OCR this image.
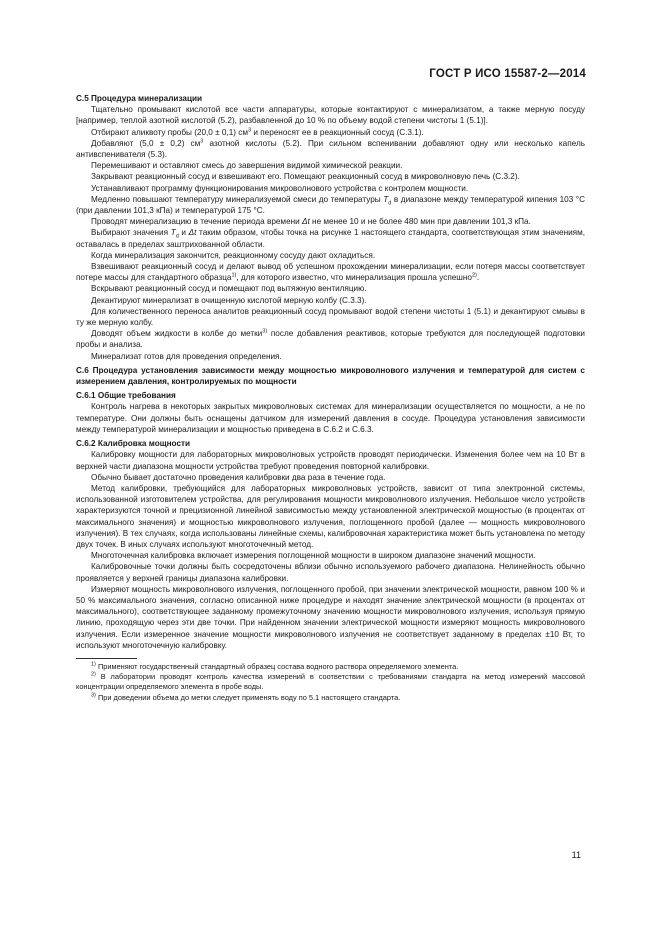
ГОСТ Р ИСО 15587-2—2014

С.5 Процедура минерализации

Тщательно промывают кислотой все части аппаратуры, которые контактируют с минерализатом, а также мерную посуду [например, теплой азотной кислотой (5.2), разбавленной до 10 % по объему водой степени чистоты 1 (5.1)].

Отбирают аликвоту пробы (20,0 ± 0,1) $см^3$ и переносят ее в реакционный сосуд (С.3.1).

Добавляют (5,0 ± 0,2) $см^3$ азотной кислоты (5.2). При сильном вспенивании добавляют одну или несколько капель антивспенивателя (5.3).

Перемешивают и оставляют смесь до завершения видимой химической реакции.

Закрывают реакционный сосуд и взвешивают его. Помещают реакционный сосуд в микроволновую печь (С.3.2).

Устанавливают программу функционирования микроволнового устройства с контролем мощности.

Медленно повышают температуру минерализуемой смеси до температуры $T_d$ в диапазоне между температурой кипения 103 °С (при давлении 101,3 кПа) и температурой 175 °С.

Проводят минерализацию в течение периода времени Δt не менее 10 и не более 480 мин при давлении 101,3 кПа.

Выбирают значения $T_d$ и Δt таким образом, чтобы точка на рисунке 1 настоящего стандарта, соответствующая этим значениям, оставалась в пределах заштрихованной области.

Когда минерализация закончится, реакционному сосуду дают охладиться.

Взвешивают реакционный сосуд и делают вывод об успешном прохождении минерализации, если потеря массы соответствует потере массы для стандартного образца$^{1)}$, для которого известно, что минерализация прошла успешно$^{2)}$.

Вскрывают реакционный сосуд и помещают под вытяжную вентиляцию.

Декантируют минерализат в очищенную кислотой мерную колбу (С.3.3).

Для количественного переноса аналитов реакционный сосуд промывают водой степени чистоты 1 (5.1) и декантируют смывы в ту же мерную колбу.

Доводят объем жидкости в колбе до метки$^{3)}$ после добавления реактивов, которые требуются для последующей подготовки пробы и анализа.

Минерализат готов для проведения определения.

С.6 Процедура установления зависимости между мощностью микроволнового излучения и температурой для систем с измерением давления, контролируемых по мощности

С.6.1 Общие требования

Контроль нагрева в некоторых закрытых микроволновых системах для минерализации осуществляется по мощности, а не по температуре. Они должны быть оснащены датчиком для измерений давления в сосуде. Процедура установления зависимости между температурой минерализации и мощностью приведена в С.6.2 и С.6.3.

С.6.2 Калибровка мощности

Калибровку мощности для лабораторных микроволновых устройств проводят периодически. Изменения более чем на 10 Вт в верхней части диапазона мощности устройства требуют проведения повторной калибровки.

Обычно бывает достаточно проведения калибровки два раза в течение года.

Метод калибровки, требующийся для лабораторных микроволновых устройств, зависит от типа электронной системы, использованной изготовителем устройства, для регулирования мощности микроволнового излучения. Небольшое число устройств характеризуются точной и прецизионной линейной зависимостью между установленной электрической мощностью (в процентах от максимального значения) и мощностью микроволнового излучения, поглощенного пробой (далее — мощность микроволнового излучения). В тех случаях, когда использованы линейные схемы, калибровочная характеристика может быть установлена по методу двух точек. В иных случаях используют многоточечный метод.

Многоточечная калибровка включает измерения поглощенной мощности в широком диапазоне значений мощности.

Калибровочные точки должны быть сосредоточены вблизи обычно используемого рабочего диапазона. Нелинейность обычно проявляется у верхней границы диапазона калибровки.

Измеряют мощность микроволнового излучения, поглощенного пробой, при значении электрической мощности, равном 100 % и 50 % максимального значения, согласно описанной ниже процедуре и находят значение электрической мощности (в процентах от максимального), соответствующее заданному промежуточному значению мощности микроволнового излучения, используя прямую линию, проходящую через эти две точки. При найденном значении электрической мощности измеряют мощность микроволнового излучения. Если измеренное значение мощности микроволнового излучения не соответствует заданному в пределах ±10 Вт, то используют многоточечную калибровку.

$^{1)}$ Применяют государственный стандартный образец состава водного раствора определяемого элемента.

$^{2)}$ В лаборатории проводят контроль качества измерений в соответствии с требованиями стандарта на метод измерений массовой концентрации определяемого элемента в пробе воды.

$^{3)}$ При доведении объема до метки следует применять воду по 5.1 настоящего стандарта.

11
